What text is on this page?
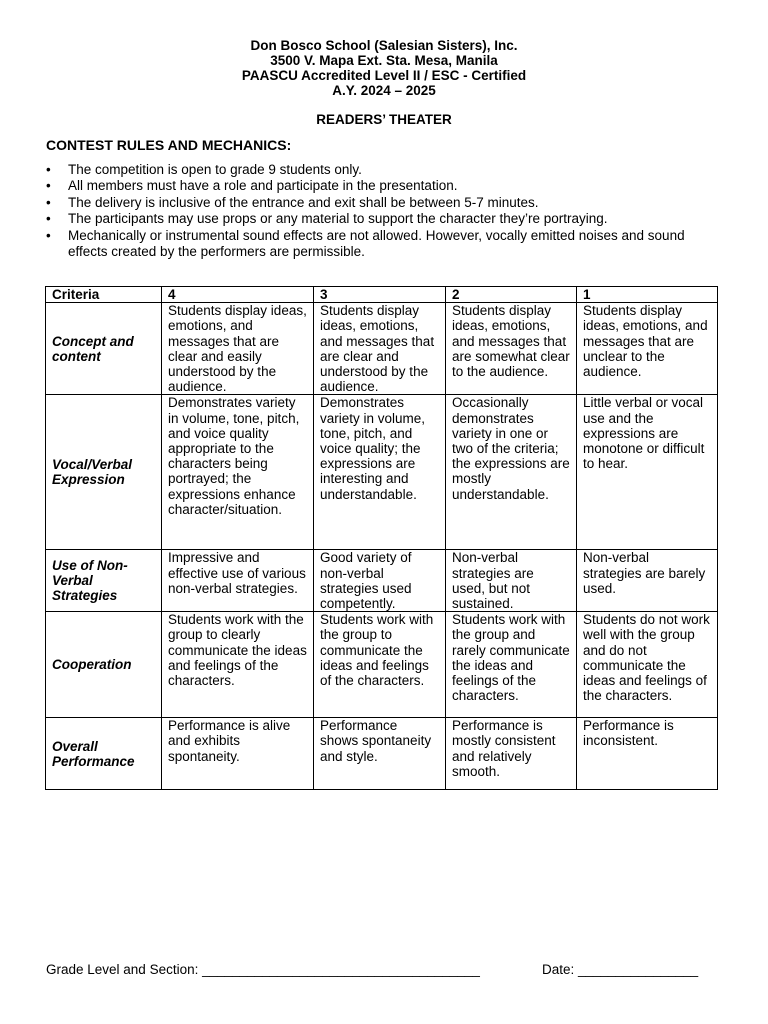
Don Bosco School (Salesian Sisters), Inc.
3500 V. Mapa Ext. Sta. Mesa, Manila
PAASCU Accredited Level II / ESC - Certified
A.Y. 2024 – 2025
READERS’ THEATER
CONTEST RULES AND MECHANICS:
• The competition is open to grade 9 students only.
• All members must have a role and participate in the presentation.
• The delivery is inclusive of the entrance and exit shall be between 5-7 minutes.
• The participants may use props or any material to support the character they’re portraying.
• Mechanically or instrumental sound effects are not allowed. However, vocally emitted noises and sound effects created by the performers are permissible.
Criteria	4	3	2	1
Concept and content	Students display ideas, emotions, and messages that are clear and easily understood by the audience.	Students display ideas, emotions, and messages that are clear and understood by the audience.	Students display ideas, emotions, and messages that are somewhat clear to the audience.	Students display ideas, emotions, and messages that are unclear to the audience.
Vocal/Verbal Expression	Demonstrates variety in volume, tone, pitch, and voice quality appropriate to the characters being portrayed; the expressions enhance character/situation.	Demonstrates variety in volume, tone, pitch, and voice quality; the expressions are interesting and understandable.	Occasionally demonstrates variety in one or two of the criteria; the expressions are mostly understandable.	Little verbal or vocal use and the expressions are monotone or difficult to hear.
Use of Non-Verbal Strategies	Impressive and effective use of various non-verbal strategies.	Good variety of non-verbal strategies used competently.	Non-verbal strategies are used, but not sustained.	Non-verbal strategies are barely used.
Cooperation	Students work with the group to clearly communicate the ideas and feelings of the characters.	Students work with the group to communicate the ideas and feelings of the characters.	Students work with the group and rarely communicate the ideas and feelings of the characters.	Students do not work well with the group and do not communicate the ideas and feelings of the characters.
Overall Performance	Performance is alive and exhibits spontaneity.	Performance shows spontaneity and style.	Performance is mostly consistent and relatively smooth.	Performance is inconsistent.
Grade Level and Section: _____________________________________	Date: ________________
